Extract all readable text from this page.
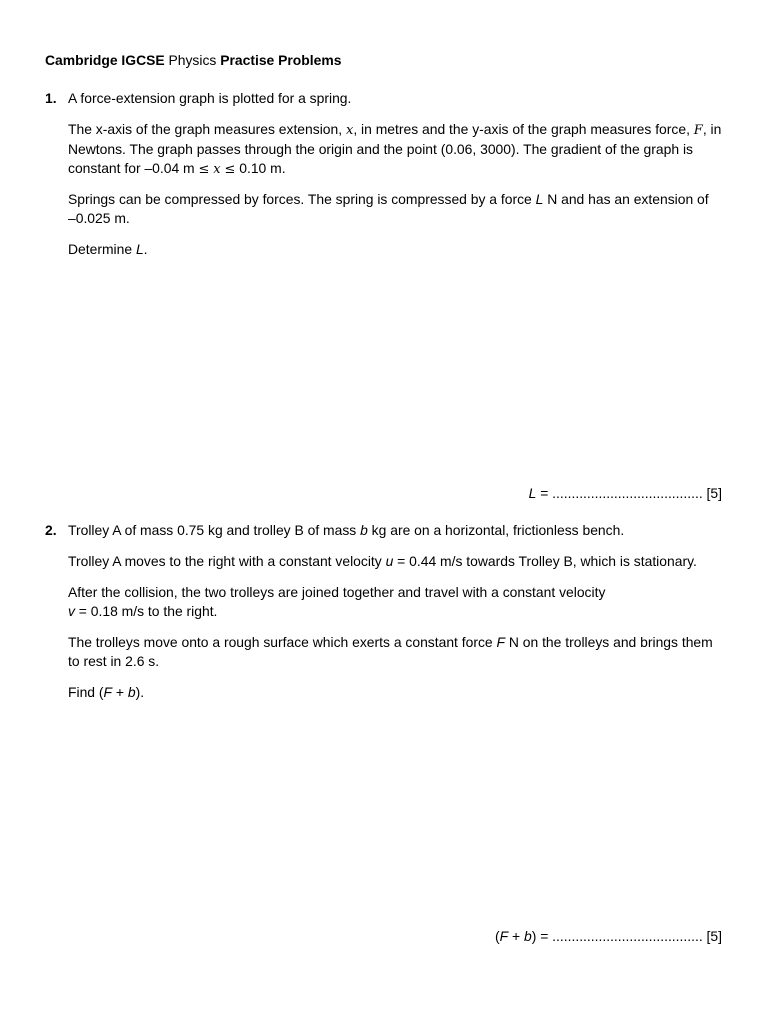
Cambridge IGCSE Physics Practise Problems
1. A force-extension graph is plotted for a spring.
The x-axis of the graph measures extension, x, in metres and the y-axis of the graph measures force, F, in
Newtons. The graph passes through the origin and the point (0.06, 3000). The gradient of the graph is
constant for –0.04 m ≤ x ≤ 0.10 m.
Springs can be compressed by forces. The spring is compressed by a force L N and has an extension of
–0.025 m.
Determine L.
L = ....................................... [5]
2. Trolley A of mass 0.75 kg and trolley B of mass b kg are on a horizontal, frictionless bench.
Trolley A moves to the right with a constant velocity u = 0.44 m/s towards Trolley B, which is stationary.
After the collision, the two trolleys are joined together and travel with a constant velocity
v = 0.18 m/s to the right.
The trolleys move onto a rough surface which exerts a constant force F N on the trolleys and brings them
to rest in 2.6 s.
Find (F + b).
(F + b) = ....................................... [5]
